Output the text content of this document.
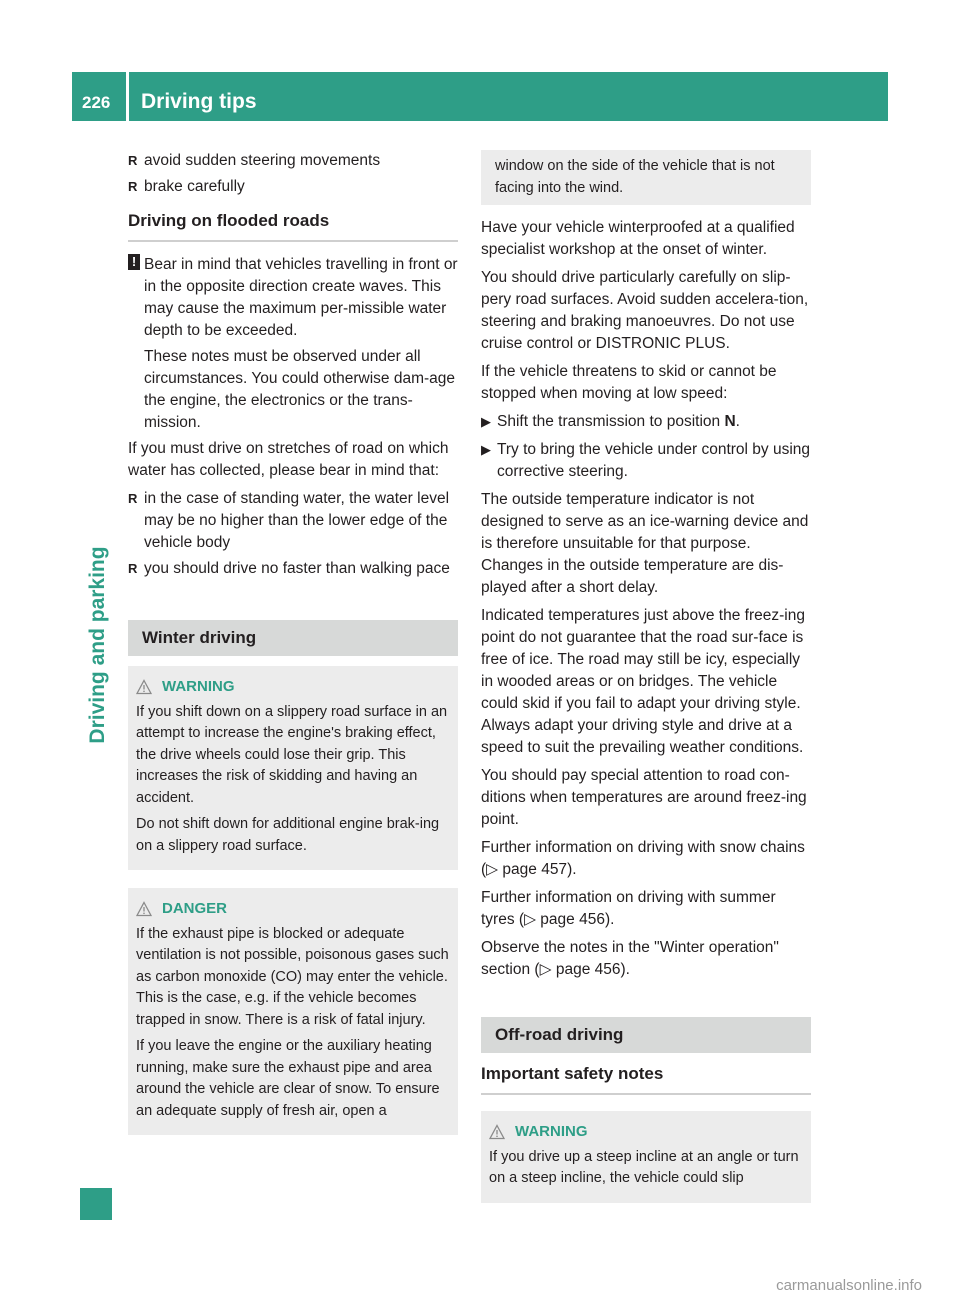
226	Driving tips
Driving and parking
R avoid sudden steering movements
R brake carefully
Driving on flooded roads
! Bear in mind that vehicles travelling in front or in the opposite direction create waves. This may cause the maximum per-missible water depth to be exceeded.

These notes must be observed under all circumstances. You could otherwise dam-age the engine, the electronics or the trans-mission.

If you must drive on stretches of road on which water has collected, please bear in mind that:

R in the case of standing water, the water level may be no higher than the lower edge of the vehicle body
R you should drive no faster than walking pace
Winter driving
WARNING

If you shift down on a slippery road surface in an attempt to increase the engine's braking effect, the drive wheels could lose their grip. This increases the risk of skidding and having an accident.

Do not shift down for additional engine brak-ing on a slippery road surface.

DANGER

If the exhaust pipe is blocked or adequate ventilation is not possible, poisonous gases such as carbon monoxide (CO) may enter the vehicle. This is the case, e.g. if the vehicle becomes trapped in snow. There is a risk of fatal injury.

If you leave the engine or the auxiliary heating running, make sure the exhaust pipe and area around the vehicle are clear of snow. To ensure an adequate supply of fresh air, open a

window on the side of the vehicle that is not facing into the wind.

Have your vehicle winterproofed at a qualified specialist workshop at the onset of winter.

You should drive particularly carefully on slip-pery road surfaces. Avoid sudden accelera-tion, steering and braking manoeuvres. Do not use cruise control or DISTRONIC PLUS.

If the vehicle threatens to skid or cannot be stopped when moving at low speed:

▶ Shift the transmission to position N.
▶ Try to bring the vehicle under control by using corrective steering.

The outside temperature indicator is not designed to serve as an ice-warning device and is therefore unsuitable for that purpose. Changes in the outside temperature are dis-played after a short delay.

Indicated temperatures just above the freez-ing point do not guarantee that the road sur-face is free of ice. The road may still be icy, especially in wooded areas or on bridges. The vehicle could skid if you fail to adapt your driving style. Always adapt your driving style and drive at a speed to suit the prevailing weather conditions.

You should pay special attention to road con-ditions when temperatures are around freez-ing point.

Further information on driving with snow chains (▷ page 457).

Further information on driving with summer tyres (▷ page 456).

Observe the notes in the "Winter operation" section (▷ page 456).

Off-road driving
Important safety notes
WARNING

If you drive up a steep incline at an angle or turn on a steep incline, the vehicle could slip

carmanualsonline.info
